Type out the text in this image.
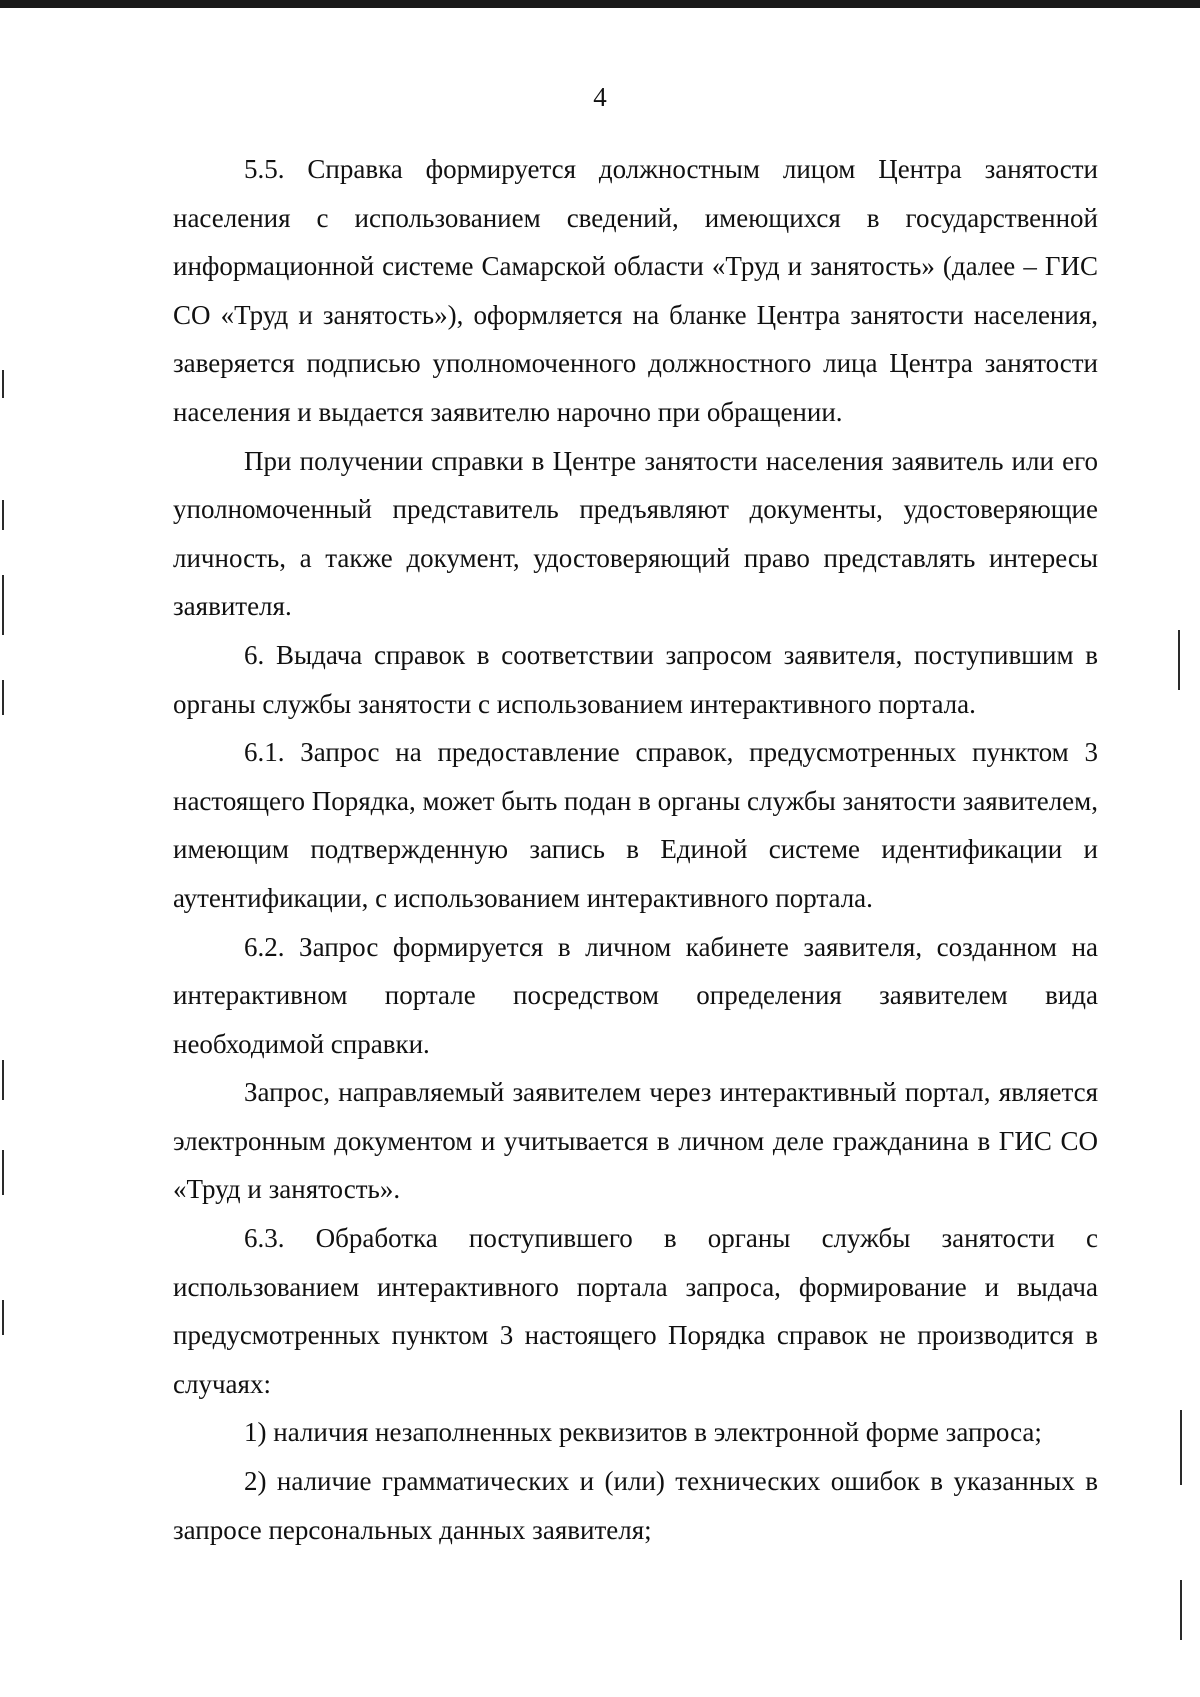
4

5.5. Справка формируется должностным лицом Центра занятости населения с использованием сведений, имеющихся в государственной информационной системе Самарской области «Труд и занятость» (далее – ГИС СО «Труд и занятость»), оформляется на бланке Центра занятости населения, заверяется подписью уполномоченного должностного лица Центра занятости населения и выдается заявителю нарочно при обращении.

При получении справки в Центре занятости населения заявитель или его уполномоченный представитель предъявляют документы, удостоверяющие личность, а также документ, удостоверяющий право представлять интересы заявителя.

6. Выдача справок в соответствии запросом заявителя, поступившим в органы службы занятости с использованием интерактивного портала.

6.1. Запрос на предоставление справок, предусмотренных пунктом 3 настоящего Порядка, может быть подан в органы службы занятости заявителем, имеющим подтвержденную запись в Единой системе идентификации и аутентификации, с использованием интерактивного портала.

6.2. Запрос формируется в личном кабинете заявителя, созданном на интерактивном портале посредством определения заявителем вида необходимой справки.

Запрос, направляемый заявителем через интерактивный портал, является электронным документом и учитывается в личном деле гражданина в ГИС СО «Труд и занятость».

6.3. Обработка поступившего в органы службы занятости с использованием интерактивного портала запроса, формирование и выдача предусмотренных пунктом 3 настоящего Порядка справок не производится в случаях:

1) наличия незаполненных реквизитов в электронной форме запроса;

2) наличие грамматических и (или) технических ошибок в указанных в запросе персональных данных заявителя;
